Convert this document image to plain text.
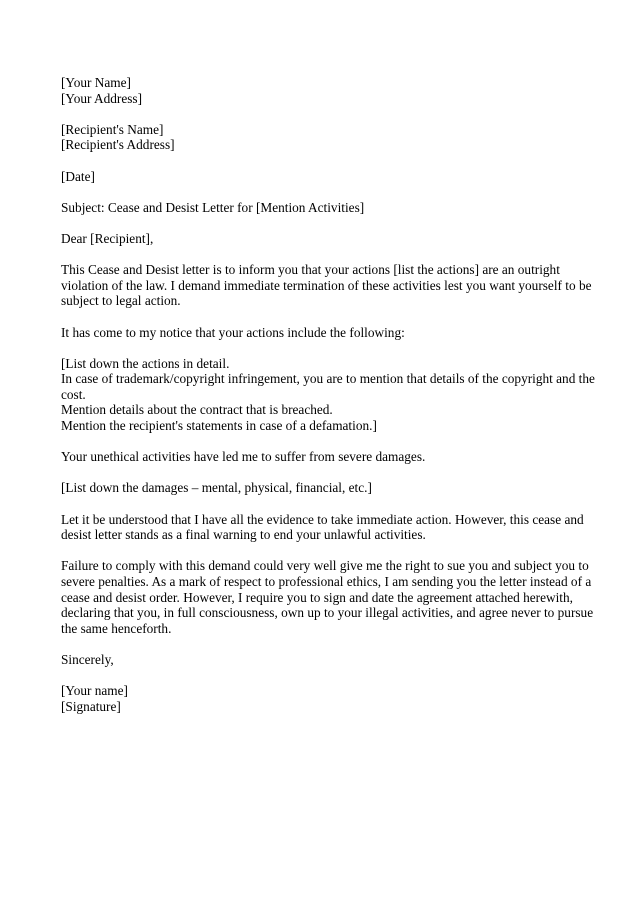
[Your Name]
[Your Address]
[Recipient's Name]
[Recipient's Address]
[Date]
Subject: Cease and Desist Letter for [Mention Activities]
Dear [Recipient],
This Cease and Desist letter is to inform you that your actions [list the actions] are an outright
violation of the law. I demand immediate termination of these activities lest you want yourself to be
subject to legal action.
It has come to my notice that your actions include the following:
[List down the actions in detail.
In case of trademark/copyright infringement, you are to mention that details of the copyright and the
cost.
Mention details about the contract that is breached.
Mention the recipient's statements in case of a defamation.]
Your unethical activities have led me to suffer from severe damages.
[List down the damages – mental, physical, financial, etc.]
Let it be understood that I have all the evidence to take immediate action. However, this cease and
desist letter stands as a final warning to end your unlawful activities.
Failure to comply with this demand could very well give me the right to sue you and subject you to
severe penalties. As a mark of respect to professional ethics, I am sending you the letter instead of a
cease and desist order. However, I require you to sign and date the agreement attached herewith,
declaring that you, in full consciousness, own up to your illegal activities, and agree never to pursue
the same henceforth.
Sincerely,
[Your name]
[Signature]
